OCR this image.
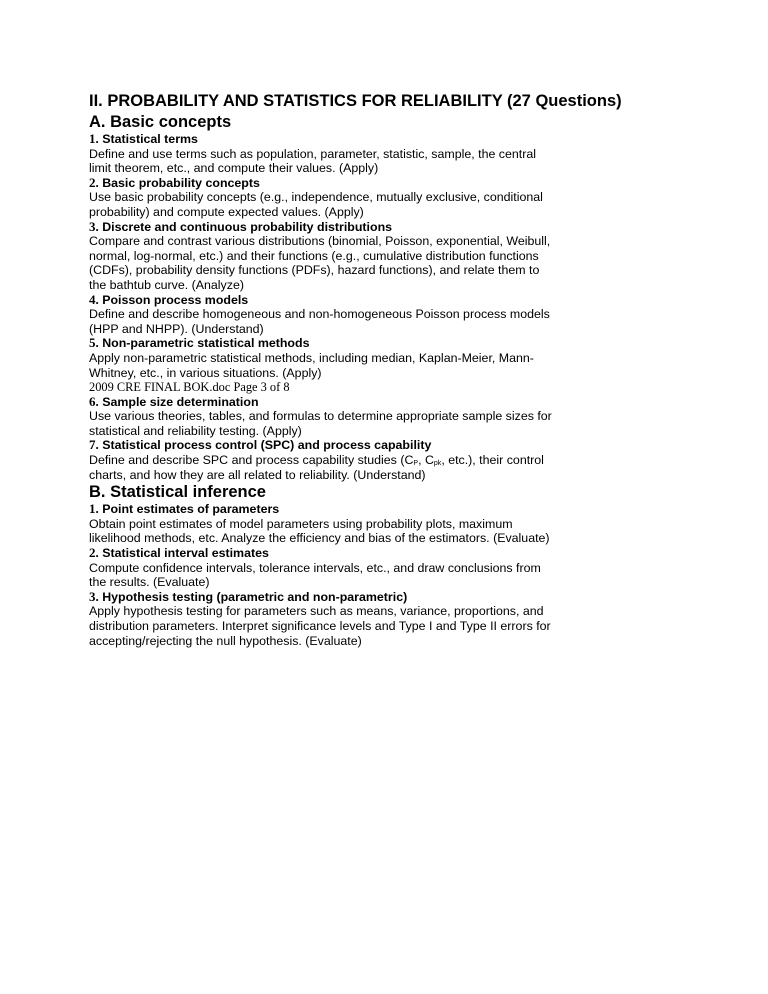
II. PROBABILITY AND STATISTICS FOR RELIABILITY (27 Questions)
A. Basic concepts

1. Statistical terms

Define and use terms such as population, parameter, statistic, sample, the central

limit theorem, etc., and compute their values. (Apply)

2. Basic probability concepts

Use basic probability concepts (e.g., independence, mutually exclusive, conditional

probability) and compute expected values. (Apply)

3. Discrete and continuous probability distributions

Compare and contrast various distributions (binomial, Poisson, exponential, Weibull,

normal, log-normal, etc.) and their functions (e.g., cumulative distribution functions

(CDFs), probability density functions (PDFs), hazard functions), and relate them to

the bathtub curve. (Analyze)

4. Poisson process models

Define and describe homogeneous and non-homogeneous Poisson process models

(HPP and NHPP). (Understand)

5. Non-parametric statistical methods

Apply non-parametric statistical methods, including median, Kaplan-Meier, Mann-

Whitney, etc., in various situations. (Apply)

2009 CRE FINAL BOK.doc Page 3 of 8

6. Sample size determination

Use various theories, tables, and formulas to determine appropriate sample sizes for

statistical and reliability testing. (Apply)

7. Statistical process control (SPC) and process capability

Define and describe SPC and process capability studies ($C_P$, $C_{pk}$, etc.), their control

charts, and how they are all related to reliability. (Understand)

B. Statistical inference

1. Point estimates of parameters

Obtain point estimates of model parameters using probability plots, maximum

likelihood methods, etc. Analyze the efficiency and bias of the estimators. (Evaluate)

2. Statistical interval estimates

Compute confidence intervals, tolerance intervals, etc., and draw conclusions from

the results. (Evaluate)

3. Hypothesis testing (parametric and non-parametric)

Apply hypothesis testing for parameters such as means, variance, proportions, and

distribution parameters. Interpret significance levels and Type I and Type II errors for

accepting/rejecting the null hypothesis. (Evaluate)
